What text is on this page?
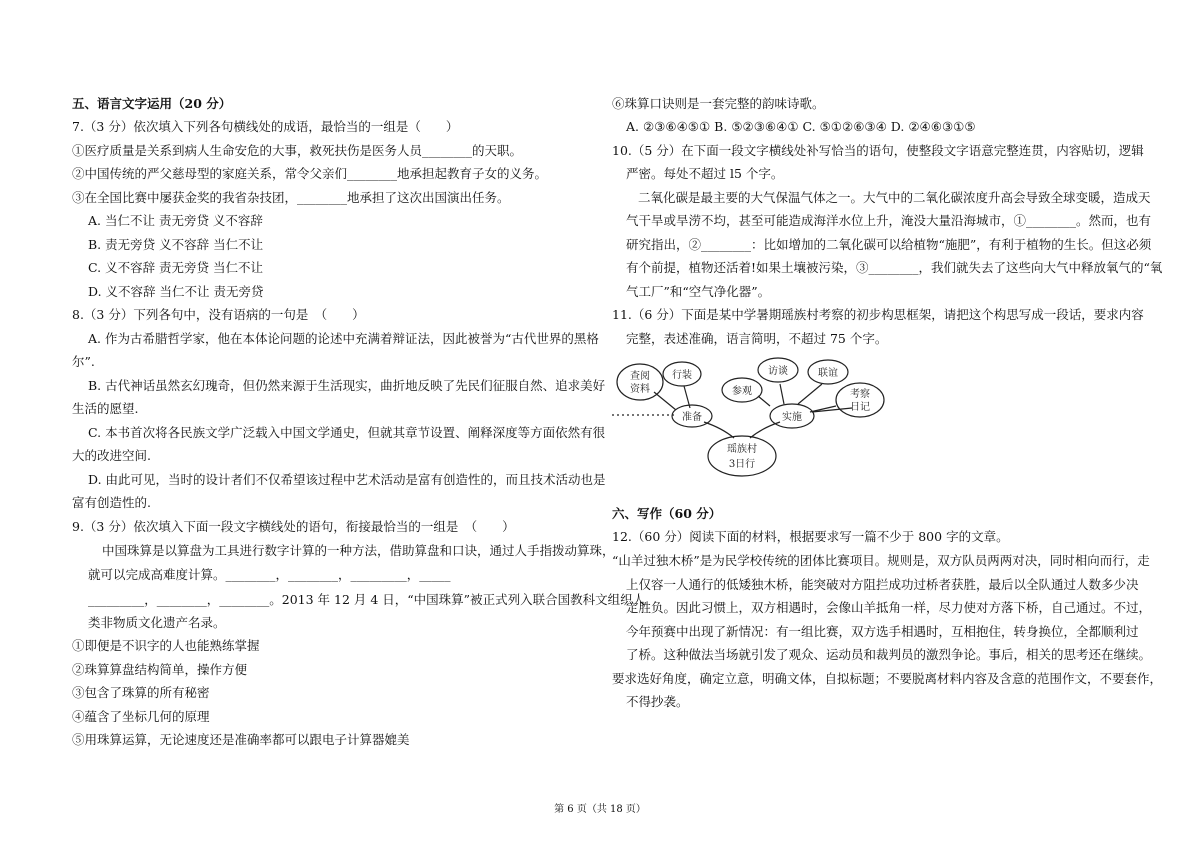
五、语言文字运用（20 分）
7.（3 分）依次填入下列各句横线处的成语，最恰当的一组是（　　）
①医疗质量是关系到病人生命安危的大事，救死扶伤是医务人员________的天职。
②中国传统的严父慈母型的家庭关系，常令父亲们________地承担起教育子女的义务。
③在全国比赛中屡获金奖的我省杂技团，________地承担了这次出国演出任务。
A. 当仁不让 责无旁贷 义不容辞
B. 责无旁贷 义不容辞 当仁不让
C. 义不容辞 责无旁贷 当仁不让
D. 义不容辞 当仁不让 责无旁贷
8.（3 分）下列各句中，没有语病的一句是　（　　）
A. 作为古希腊哲学家，他在本体论问题的论述中充满着辩证法，因此被誉为“古代世界的黑格
尔”.
B. 古代神话虽然玄幻瑰奇，但仍然来源于生活现实，曲折地反映了先民们征服自然、追求美好
生活的愿望.
C. 本书首次将各民族文学广泛载入中国文学通史，但就其章节设置、阐释深度等方面依然有很
大的改进空间.
D. 由此可见，当时的设计者们不仅希望该过程中艺术活动是富有创造性的，而且技术活动也是
富有创造性的.
9.（3 分）依次填入下面一段文字横线处的语句，衔接最恰当的一组是　（　　）
中国珠算是以算盘为工具进行数字计算的一种方法，借助算盘和口诀，通过人手指拨动算珠，
就可以完成高难度计算。________，________，_________，_____
_________，________，________。2013 年 12 月 4 日，“中国珠算”被正式列入联合国教科文组织人
类非物质文化遗产名录。
①即便是不识字的人也能熟练掌握
②珠算算盘结构简单，操作方便
③包含了珠算的所有秘密
④蕴含了坐标几何的原理
⑤用珠算运算，无论速度还是准确率都可以跟电子计算器媲美
⑥珠算口诀则是一套完整的韵味诗歌。
A. ②③⑥④⑤① B. ⑤②③⑥④① C. ⑤①②⑥③④ D. ②④⑥③①⑤
10.（5 分）在下面一段文字横线处补写恰当的语句，使整段文字语意完整连贯，内容贴切，逻辑
严密。每处不超过 l5 个字。
二氧化碳是最主要的大气保温气体之一。大气中的二氧化碳浓度升高会导致全球变暖，造成天
气干旱或旱涝不均，甚至可能造成海洋水位上升，淹没大量沿海城市，①________。然而，也有
研究指出，②________：比如增加的二氧化碳可以给植物“施肥”，有利于植物的生长。但这必须
有个前提，植物还活着!如果土壤被污染，③________，我们就失去了这些向大气中释放氧气的“氧
气工厂”和“空气净化器”。
11.（6 分）下面是某中学暑期瑶族村考察的初步构思框架，请把这个构思写成一段话，要求内容
完整，表述准确，语言简明，不超过 75 个字。
瑶族村
3日行
准备	实施
查阅
资料
行装
参观
访谈	联谊
考察
日记
六、写作（60 分）
12.（60 分）阅读下面的材料，根据要求写一篇不少于 800 字的文章。
“山羊过独木桥”是为民学校传统的团体比赛项目。规则是，双方队员两两对决，同时相向而行，走
上仅容一人通行的低矮独木桥，能突破对方阻拦成功过桥者获胜，最后以全队通过人数多少决
定胜负。因此习惯上，双方相遇时，会像山羊抵角一样，尽力使对方落下桥，自己通过。不过，
今年预赛中出现了新情况：有一组比赛，双方选手相遇时，互相抱住，转身换位，全都顺利过
了桥。这种做法当场就引发了观众、运动员和裁判员的激烈争论。事后，相关的思考还在继续。
要求选好角度，确定立意，明确文体，自拟标题；不要脱离材料内容及含意的范围作文，不要套作，
不得抄袭。
第 6 页（共 18 页）
